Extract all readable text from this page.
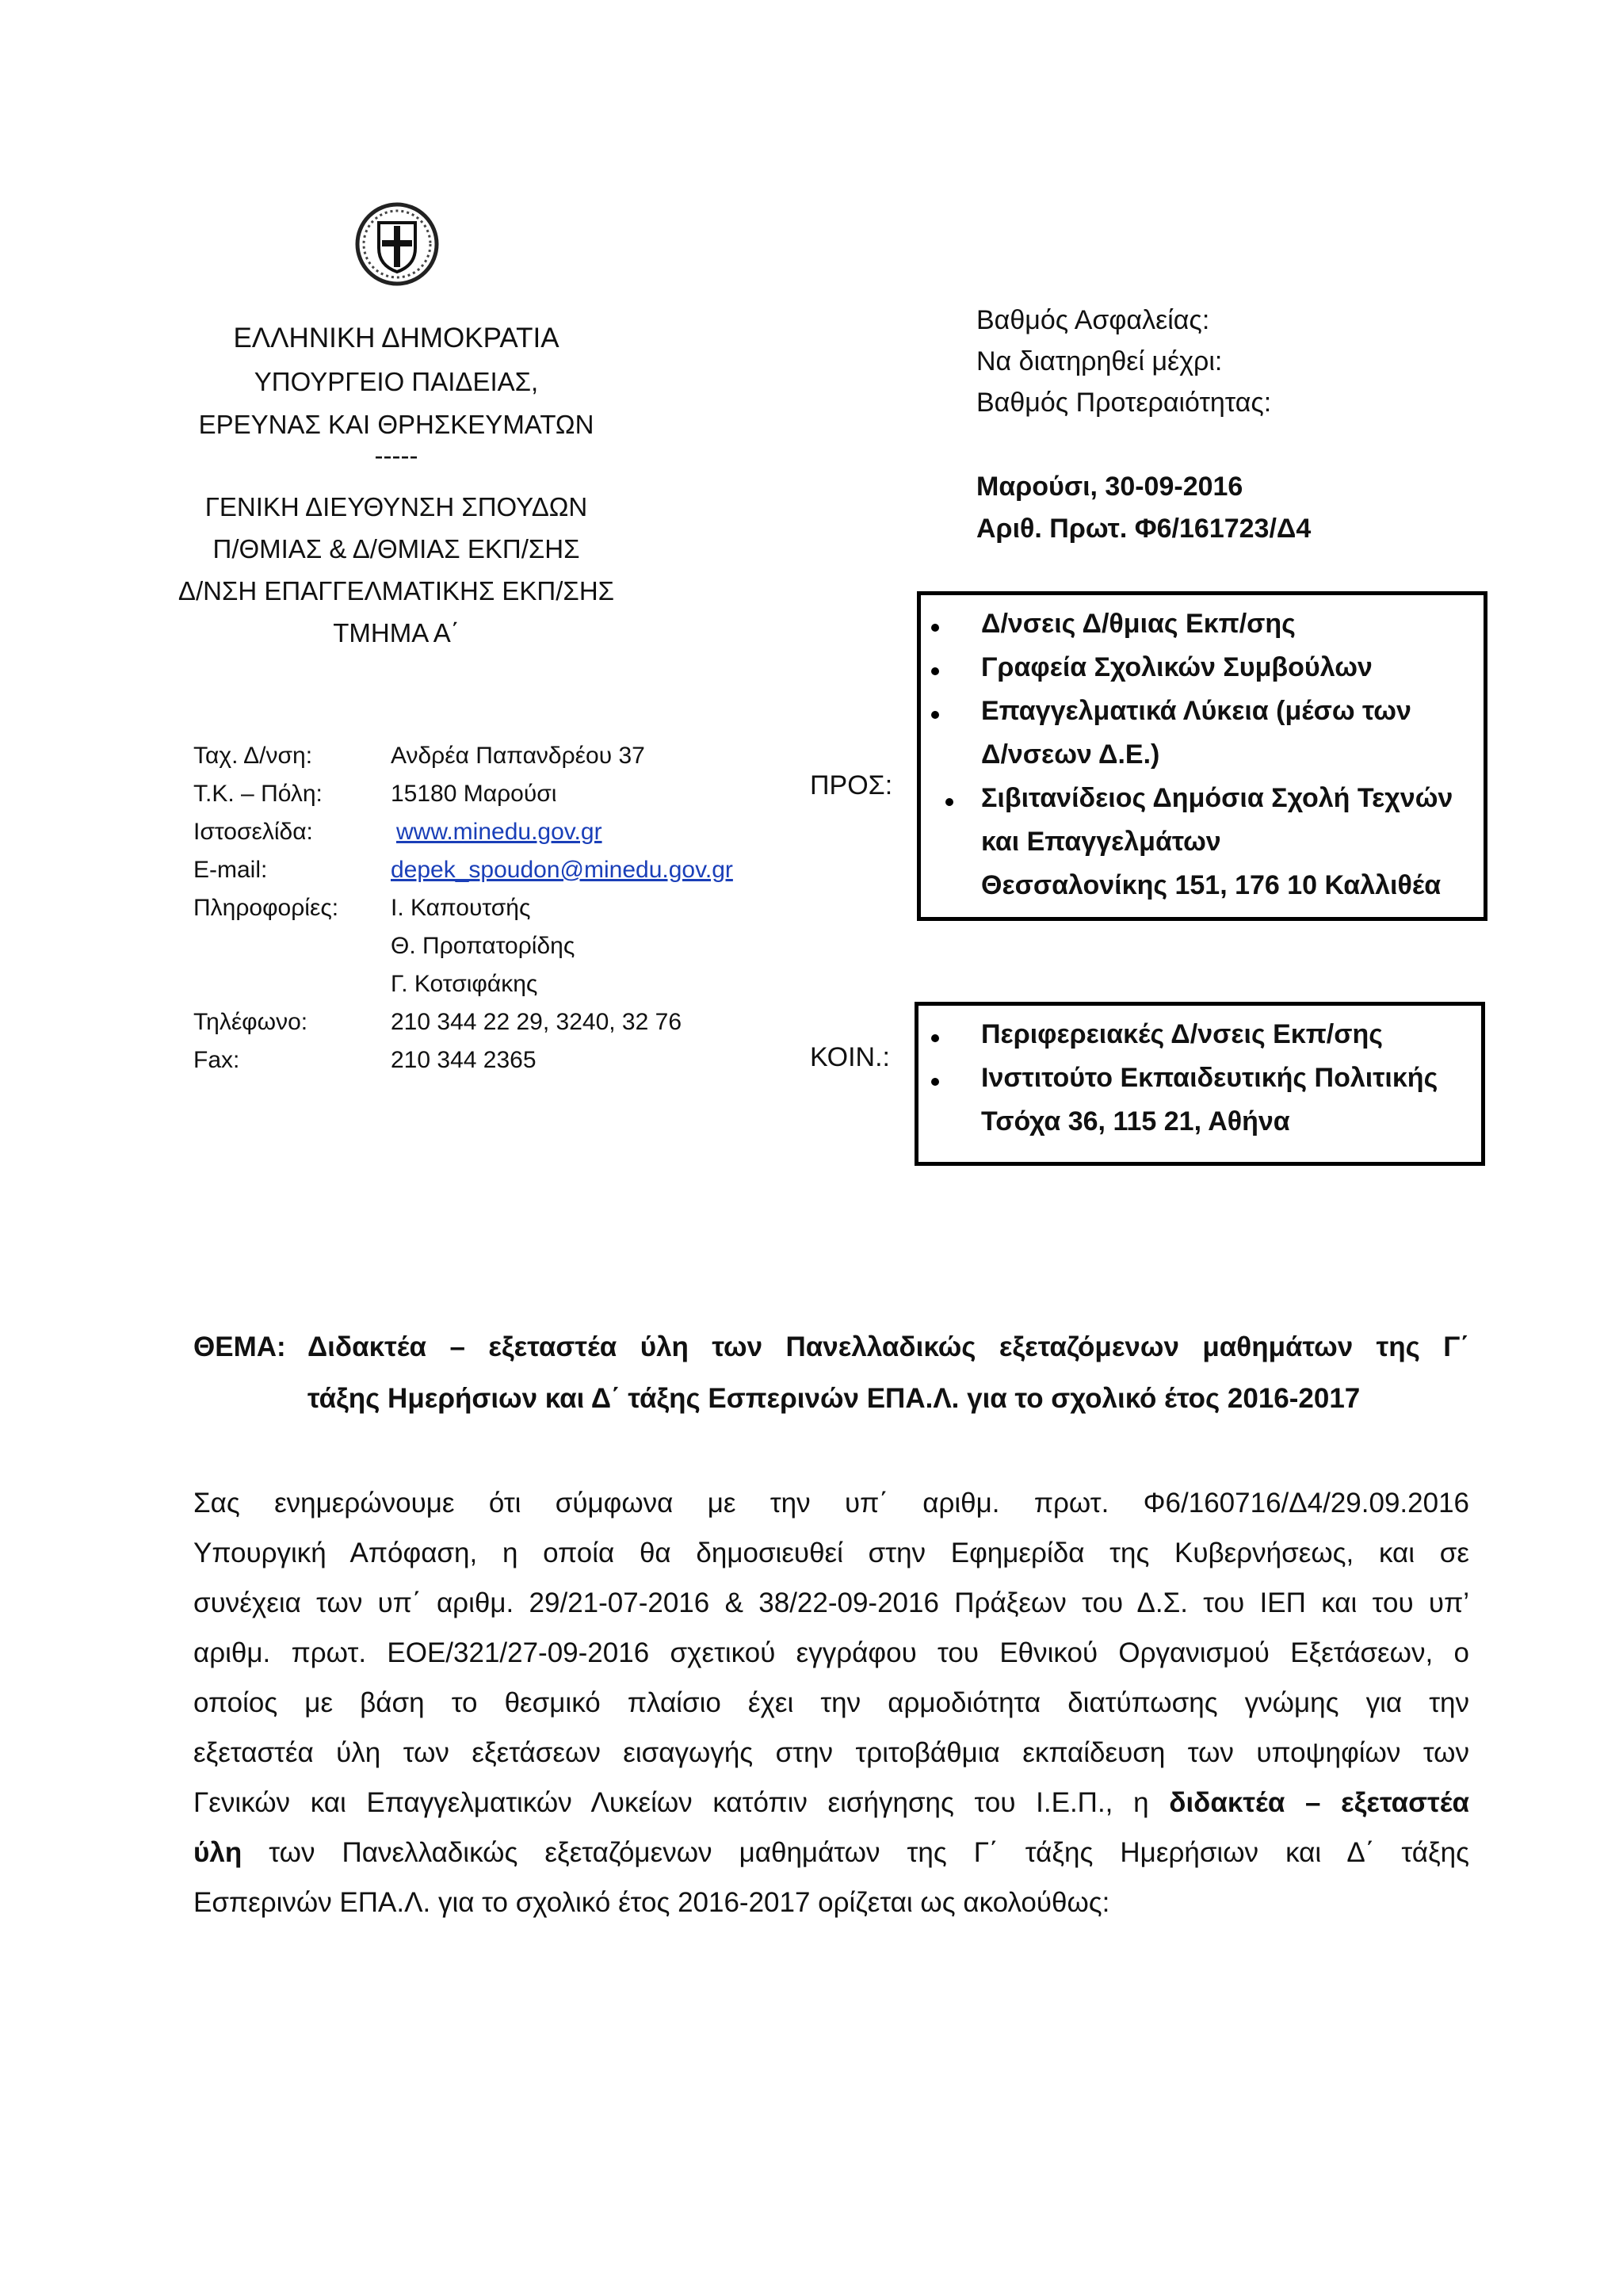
ΕΛΛΗΝΙΚΗ ΔΗΜΟΚΡΑΤΙΑ
ΥΠΟΥΡΓΕΙΟ ΠΑΙΔΕΙΑΣ,
ΕΡΕΥΝΑΣ ΚΑΙ ΘΡΗΣΚΕΥΜΑΤΩΝ
-----
ΓΕΝΙΚΗ ΔΙΕΥΘΥΝΣΗ ΣΠΟΥΔΩΝ
Π/ΘΜΙΑΣ & Δ/ΘΜΙΑΣ ΕΚΠ/ΣΗΣ
Δ/ΝΣΗ ΕΠΑΓΓΕΛΜΑΤΙΚΗΣ ΕΚΠ/ΣΗΣ
ΤΜΗΜΑ Α΄
Βαθμός Ασφαλείας:
Να διατηρηθεί μέχρι:
Βαθμός Προτεραιότητας:
Μαρούσι, 30-09-2016
Αριθ. Πρωτ. Φ6/161723/Δ4
Ταχ. Δ/νση:	Ανδρέα Παπανδρέου 37
Τ.Κ. – Πόλη:	15180 Μαρούσι
Ιστοσελίδα:	www.minedu.gov.gr
E-mail:	depek_spoudon@minedu.gov.gr
Πληροφορίες: Ι. Καπουτσής
Θ. Προπατορίδης
Γ. Κοτσιφάκης
Τηλέφωνο:	210 344 22 29, 3240, 32 76
Fax:	210 344 2365
ΠΡΟΣ:
Δ/νσεις Δ/θμιας Εκπ/σης
Γραφεία Σχολικών Συμβούλων
Επαγγελματικά Λύκεια (μέσω των
Δ/νσεων Δ.Ε.)
Σιβιτανίδειος Δημόσια Σχολή Τεχνών
και Επαγγελμάτων
Θεσσαλονίκης 151, 176 10 Καλλιθέα
ΚΟΙΝ.:
Περιφερειακές Δ/νσεις Εκπ/σης
Ινστιτούτο Εκπαιδευτικής Πολιτικής
Τσόχα 36, 115 21, Αθήνα
ΘΕΜΑ: Διδακτέα – εξεταστέα ύλη των Πανελλαδικώς εξεταζόμενων μαθημάτων της Γ΄
τάξης Ημερήσιων και Δ΄ τάξης Εσπερινών ΕΠΑ.Λ. για το σχολικό έτος 2016-2017
Σας ενημερώνουμε ότι σύμφωνα με την υπ΄ αριθμ. πρωτ. Φ6/160716/Δ4/29.09.2016
Υπουργική Απόφαση, η οποία θα δημοσιευθεί στην Εφημερίδα της Κυβερνήσεως, και σε
συνέχεια των υπ΄ αριθμ. 29/21-07-2016 & 38/22-09-2016 Πράξεων του Δ.Σ. του ΙΕΠ και του υπ’
αριθμ. πρωτ. ΕΟΕ/321/27-09-2016 σχετικού εγγράφου του Εθνικού Οργανισμού Εξετάσεων, ο
οποίος με βάση το θεσμικό πλαίσιο έχει την αρμοδιότητα διατύπωσης γνώμης για την
εξεταστέα ύλη των εξετάσεων εισαγωγής στην τριτοβάθμια εκπαίδευση των υποψηφίων των
Γενικών και Επαγγελματικών Λυκείων κατόπιν εισήγησης του Ι.Ε.Π., η διδακτέα – εξεταστέα
ύλη των Πανελλαδικώς εξεταζόμενων μαθημάτων της Γ΄ τάξης Ημερήσιων και Δ΄ τάξης
Εσπερινών ΕΠΑ.Λ. για το σχολικό έτος 2016-2017 ορίζεται ως ακολούθως:
